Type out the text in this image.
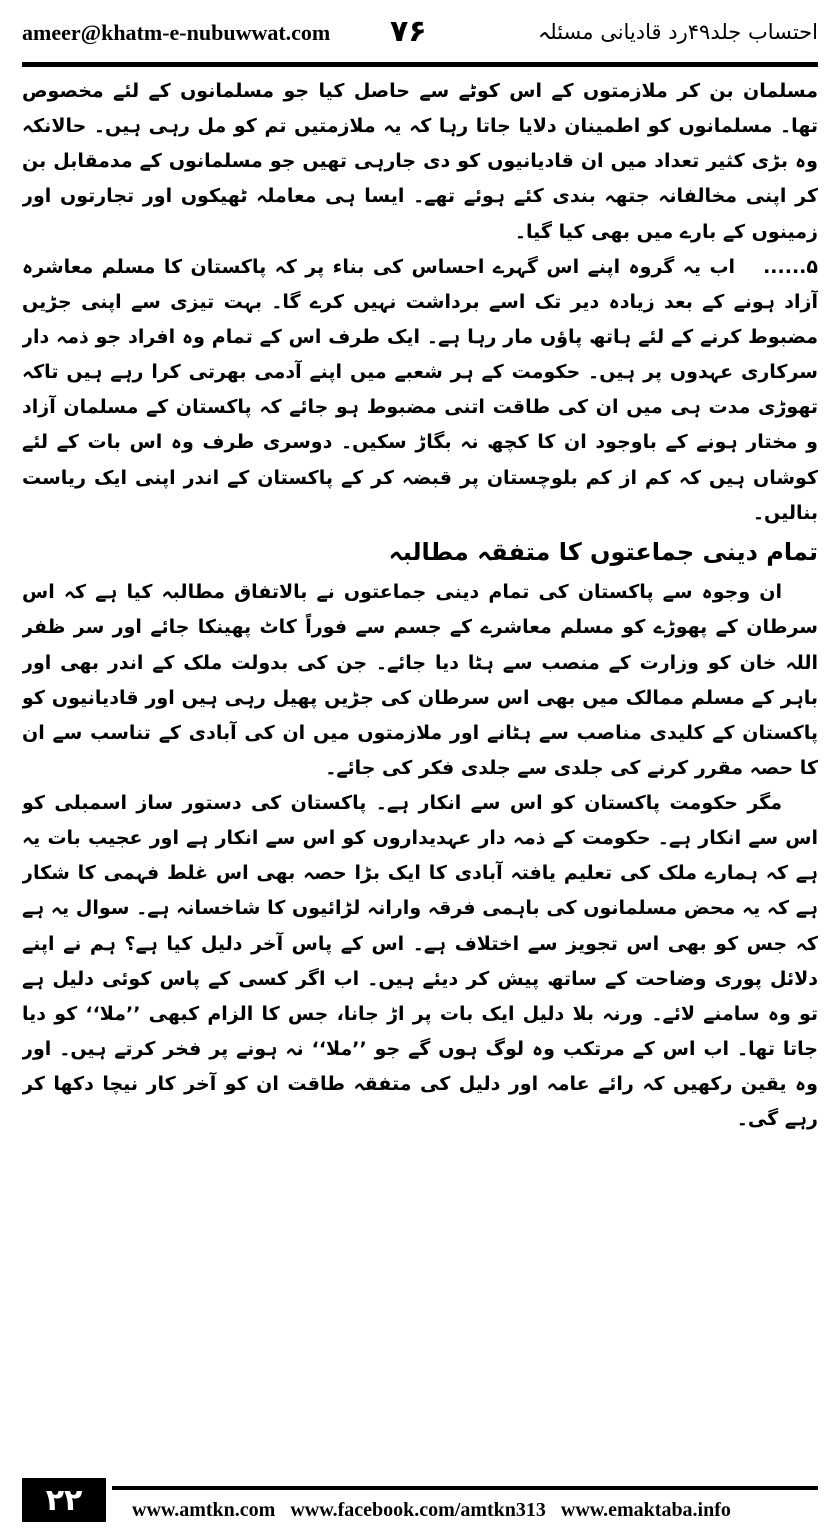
ameer@khatm-e-nubuwwat.com ۷۶	احتساب جلد۴۹رد قادیانی مسئلہ

مسلمان بن کر ملازمتوں کے اس کوٹے سے حاصل کیا جو مسلمانوں کے لئے مخصوص تھا۔ مسلمانوں کو اطمینان دلایا جاتا رہا کہ یہ ملازمتیں تم کو مل رہی ہیں۔ حالانکہ وہ بڑی کثیر تعداد میں ان قادیانیوں کو دی جارہی تھیں جو مسلمانوں کے مدمقابل بن کر اپنی مخالفانہ جتھہ بندی کئے ہوئے تھے۔ ایسا ہی معاملہ ٹھیکوں اور تجارتوں اور زمینوں کے بارے میں بھی کیا گیا۔

۵......اب یہ گروہ اپنے اس گہرے احساس کی بناء پر کہ پاکستان کا مسلم معاشرہ آزاد ہونے کے بعد زیادہ دیر تک اسے برداشت نہیں کرے گا۔ بہت تیزی سے اپنی جڑیں مضبوط کرنے کے لئے ہاتھ پاؤں مار رہا ہے۔ ایک طرف اس کے تمام وہ افراد جو ذمہ دار سرکاری عہدوں پر ہیں۔ حکومت کے ہر شعبے میں اپنے آدمی بھرتی کرا رہے ہیں تاکہ تھوڑی مدت ہی میں ان کی طاقت اتنی مضبوط ہو جائے کہ پاکستان کے مسلمان آزاد و مختار ہونے کے باوجود ان کا کچھ نہ بگاڑ سکیں۔ دوسری طرف وہ اس بات کے لئے کوشاں ہیں کہ کم از کم بلوچستان پر قبضہ کر کے پاکستان کے اندر اپنی ایک ریاست بنالیں۔

تمام دینی جماعتوں کا متفقہ مطالبہ

ان وجوہ سے پاکستان کی تمام دینی جماعتوں نے بالاتفاق مطالبہ کیا ہے کہ اس سرطان کے پھوڑے کو مسلم معاشرے کے جسم سے فوراً کاٹ پھینکا جائے اور سر ظفر اللہ خان کو وزارت کے منصب سے ہٹا دیا جائے۔ جن کی بدولت ملک کے اندر بھی اور باہر کے مسلم ممالک میں بھی اس سرطان کی جڑیں پھیل رہی ہیں اور قادیانیوں کو پاکستان کے کلیدی مناصب سے ہٹانے اور ملازمتوں میں ان کی آبادی کے تناسب سے ان کا حصہ مقرر کرنے کی جلدی سے جلدی فکر کی جائے۔

مگر حکومت پاکستان کو اس سے انکار ہے۔ پاکستان کی دستور ساز اسمبلی کو اس سے انکار ہے۔ حکومت کے ذمہ دار عہدیداروں کو اس سے انکار ہے اور عجیب بات یہ ہے کہ ہمارے ملک کی تعلیم یافتہ آبادی کا ایک بڑا حصہ بھی اس غلط فہمی کا شکار ہے کہ یہ محض مسلمانوں کی باہمی فرقہ وارانہ لڑائیوں کا شاخسانہ ہے۔ سوال یہ ہے کہ جس کو بھی اس تجویز سے اختلاف ہے۔ اس کے پاس آخر دلیل کیا ہے؟ ہم نے اپنے دلائل پوری وضاحت کے ساتھ پیش کر دیئے ہیں۔ اب اگر کسی کے پاس کوئی دلیل ہے تو وہ سامنے لائے۔ ورنہ بلا دلیل ایک بات پر اڑ جانا، جس کا الزام کبھی ’’ملا‘‘ کو دیا جاتا تھا۔ اب اس کے مرتکب وہ لوگ ہوں گے جو ’’ملا‘‘ نہ ہونے پر فخر کرتے ہیں۔ اور وہ یقین رکھیں کہ رائے عامہ اور دلیل کی متفقہ طاقت ان کو آخر کار نیچا دکھا کر رہے گی۔

۲۲	www.amtkn.com www.facebook.com/amtkn313 www.emaktaba.info
